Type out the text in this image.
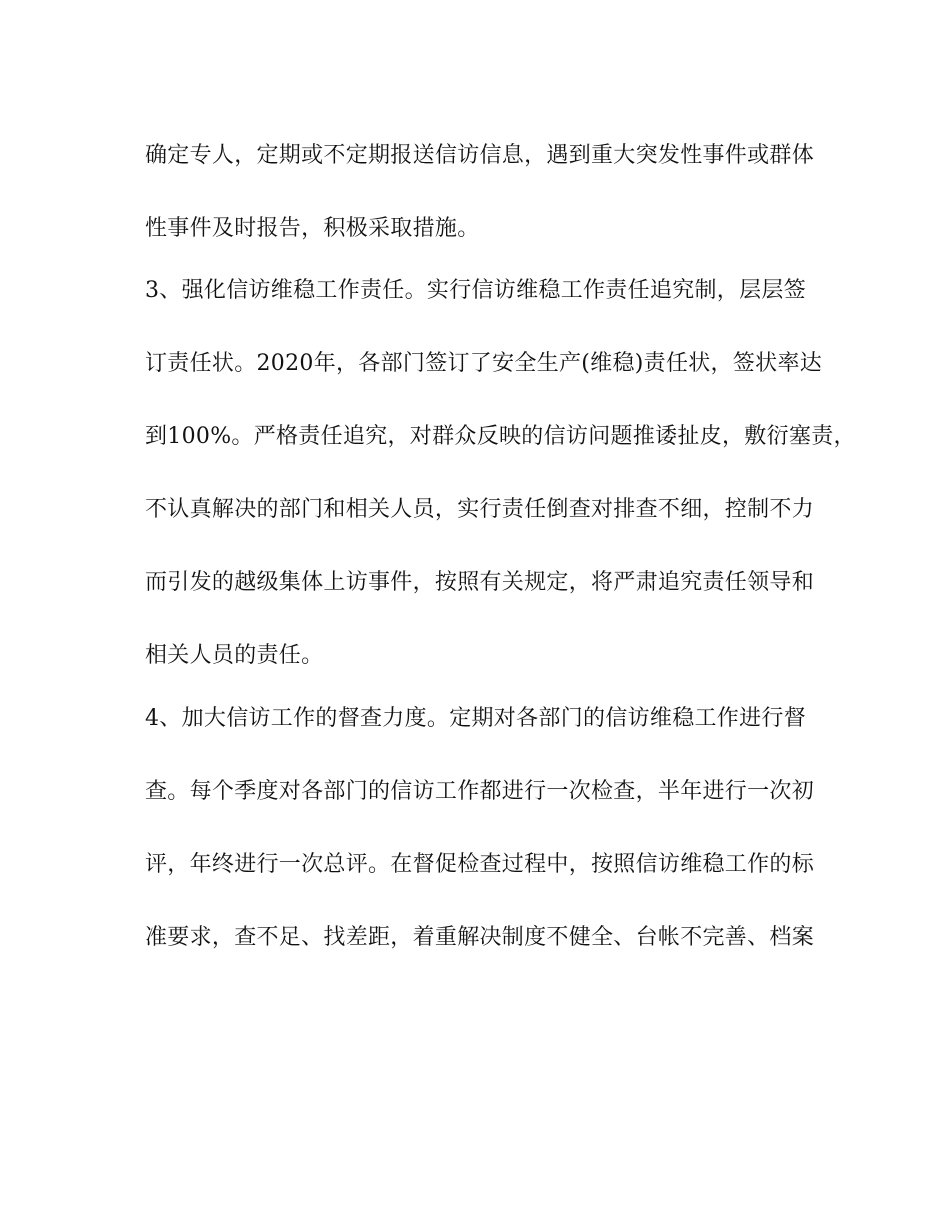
确定专人，定期或不定期报送信访信息，遇到重大突发性事件或群体
性事件及时报告，积极采取措施。
3、强化信访维稳工作责任。实行信访维稳工作责任追究制，层层签
订责任状。2020年，各部门签订了安全生产(维稳)责任状，签状率达
到100%。严格责任追究，对群众反映的信访问题推诿扯皮，敷衍塞责，
不认真解决的部门和相关人员，实行责任倒查对排查不细，控制不力
而引发的越级集体上访事件，按照有关规定，将严肃追究责任领导和
相关人员的责任。
4、加大信访工作的督查力度。定期对各部门的信访维稳工作进行督
查。每个季度对各部门的信访工作都进行一次检查，半年进行一次初
评，年终进行一次总评。在督促检查过程中，按照信访维稳工作的标
准要求，查不足、找差距，着重解决制度不健全、台帐不完善、档案
